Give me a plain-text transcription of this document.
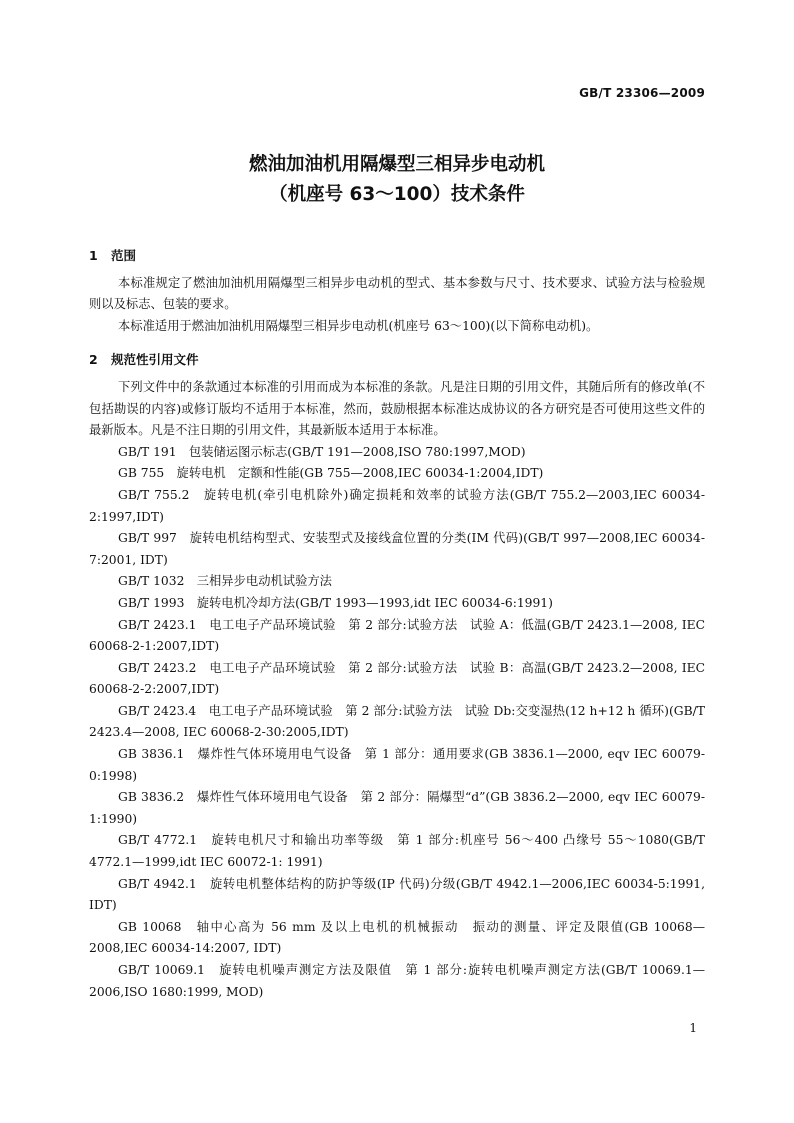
GB/T 23306—2009
燃油加油机用隔爆型三相异步电动机
（机座号 63～100）技术条件
1 范围

本标准规定了燃油加油机用隔爆型三相异步电动机的型式、基本参数与尺寸、技术要求、试验方法与检验规则以及标志、包装的要求。

本标准适用于燃油加油机用隔爆型三相异步电动机(机座号 63～100)(以下简称电动机)。

2 规范性引用文件

下列文件中的条款通过本标准的引用而成为本标准的条款。凡是注日期的引用文件，其随后所有的修改单(不包括勘误的内容)或修订版均不适用于本标准，然而，鼓励根据本标准达成协议的各方研究是否可使用这些文件的最新版本。凡是不注日期的引用文件，其最新版本适用于本标准。

GB/T 191　包装储运图示标志(GB/T 191—2008,ISO 780:1997,MOD)
GB 755　旋转电机　定额和性能(GB 755—2008,IEC 60034-1:2004,IDT)
GB/T 755.2　旋转电机(牵引电机除外)确定损耗和效率的试验方法(GB/T 755.2—2003,IEC 60034-2:1997,IDT)
GB/T 997　旋转电机结构型式、安装型式及接线盒位置的分类(IM 代码)(GB/T 997—2008,IEC 60034-7:2001, IDT)
GB/T 1032　三相异步电动机试验方法
GB/T 1993　旋转电机冷却方法(GB/T 1993—1993,idt IEC 60034-6:1991)
GB/T 2423.1　电工电子产品环境试验　第 2 部分:试验方法　试验 A：低温(GB/T 2423.1—2008, IEC 60068-2-1:2007,IDT)
GB/T 2423.2　电工电子产品环境试验　第 2 部分:试验方法　试验 B：高温(GB/T 2423.2—2008, IEC 60068-2-2:2007,IDT)
GB/T 2423.4　电工电子产品环境试验　第 2 部分:试验方法　试验 Db:交变湿热(12 h+12 h 循环)(GB/T 2423.4—2008, IEC 60068-2-30:2005,IDT)
GB 3836.1　爆炸性气体环境用电气设备　第 1 部分：通用要求(GB 3836.1—2000, eqv IEC 60079-0:1998)
GB 3836.2　爆炸性气体环境用电气设备　第 2 部分：隔爆型“d”(GB 3836.2—2000, eqv IEC 60079-1:1990)
GB/T 4772.1　旋转电机尺寸和输出功率等级　第 1 部分:机座号 56～400 凸缘号 55～1080(GB/T 4772.1—1999,idt IEC 60072-1: 1991)
GB/T 4942.1　旋转电机整体结构的防护等级(IP 代码)分级(GB/T 4942.1—2006,IEC 60034-5:1991, IDT)
GB 10068　轴中心高为 56 mm 及以上电机的机械振动　振动的测量、评定及限值(GB 10068—2008,IEC 60034-14:2007, IDT)
GB/T 10069.1　旋转电机噪声测定方法及限值　第 1 部分:旋转电机噪声测定方法(GB/T 10069.1—2006,ISO 1680:1999, MOD)
1
